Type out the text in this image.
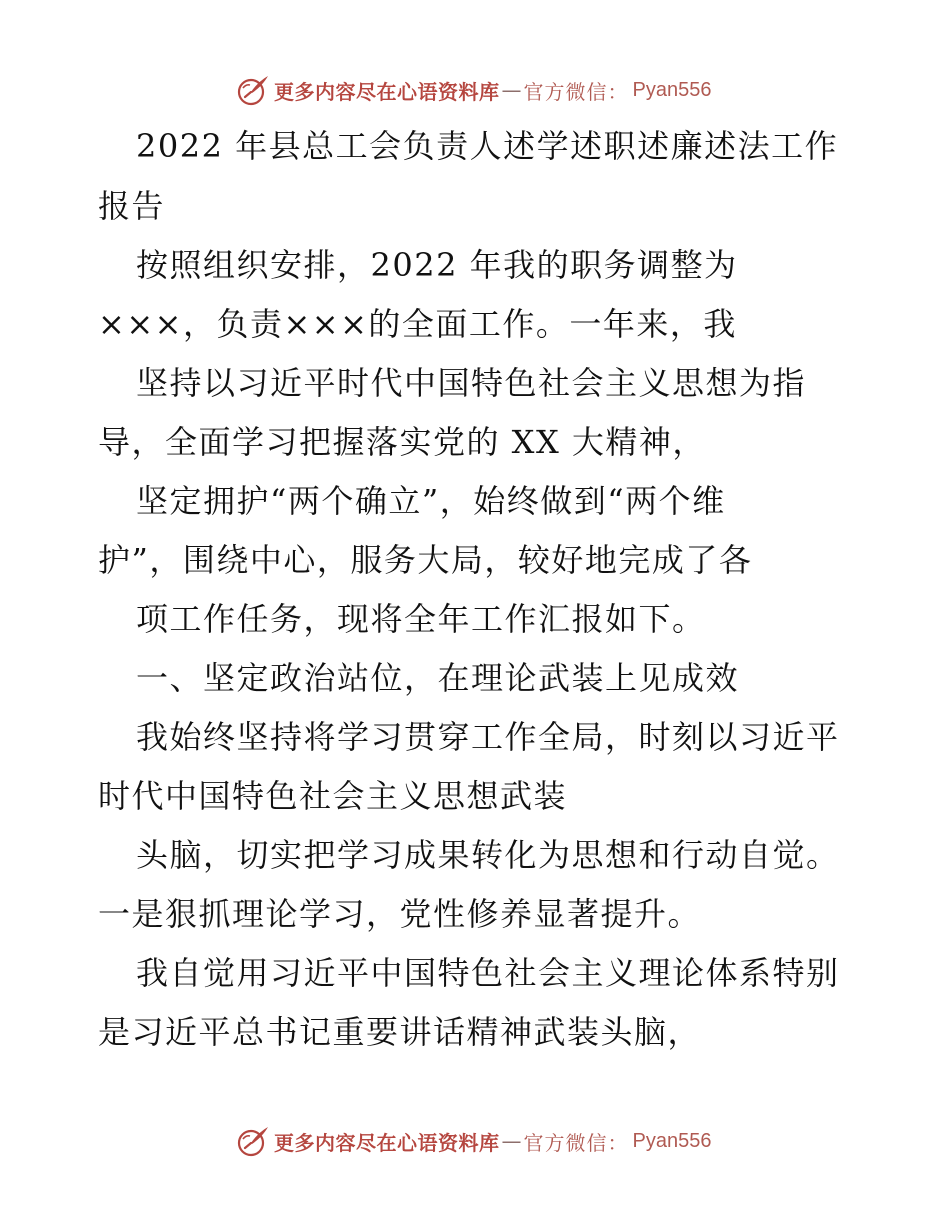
更多内容尽在心语资料库 — 官方微信： Pyan556
2022 年县总工会负责人述学述职述廉述法工作
报告
按照组织安排，2022 年我的职务调整为
×××，负责×××的全面工作。一年来，我
坚持以习近平时代中国特色社会主义思想为指
导，全面学习把握落实党的 XX 大精神，
坚定拥护“两个确立”，始终做到“两个维
护”，围绕中心，服务大局，较好地完成了各
项工作任务，现将全年工作汇报如下。
一、坚定政治站位，在理论武装上见成效
我始终坚持将学习贯穿工作全局，时刻以习近平
时代中国特色社会主义思想武装
头脑，切实把学习成果转化为思想和行动自觉。
一是狠抓理论学习，党性修养显著提升。
我自觉用习近平中国特色社会主义理论体系特别
是习近平总书记重要讲话精神武装头脑，
更多内容尽在心语资料库 — 官方微信： Pyan556
